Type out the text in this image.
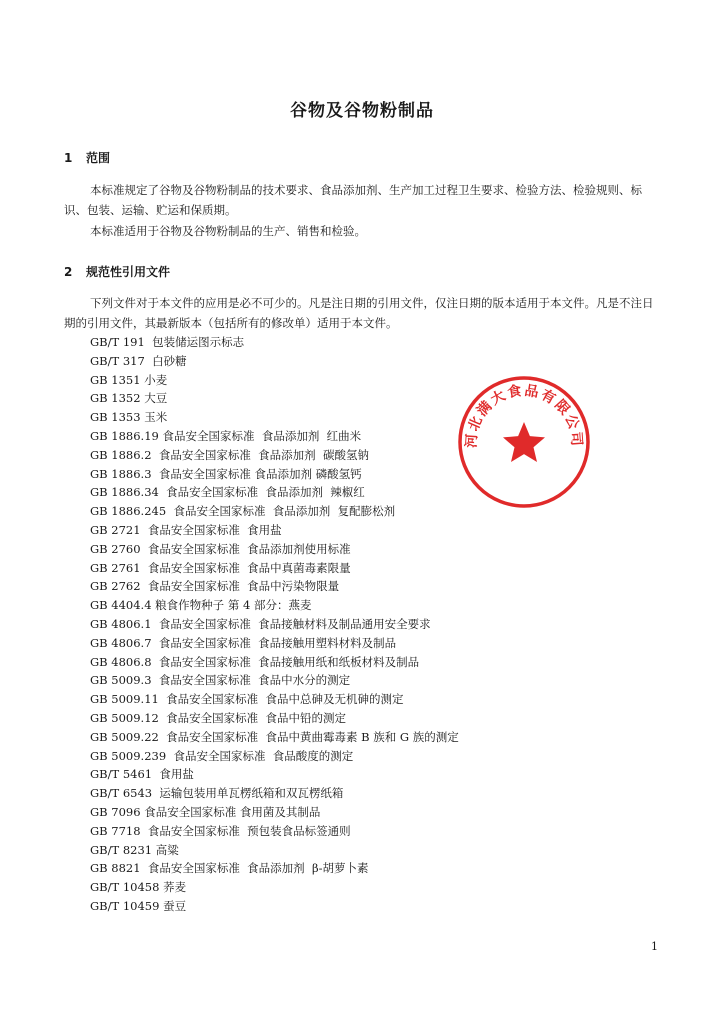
谷物及谷物粉制品
1 范围

本标准规定了谷物及谷物粉制品的技术要求、食品添加剂、生产加工过程卫生要求、检验方法、检验规则、标识、包装、运输、贮运和保质期。

本标准适用于谷物及谷物粉制品的生产、销售和检验。

2 规范性引用文件

下列文件对于本文件的应用是必不可少的。凡是注日期的引用文件，仅注日期的版本适用于本文件。凡是不注日期的引用文件，其最新版本（包括所有的修改单）适用于本文件。

GB/T 191  包装储运图示标志
GB/T 317  白砂糖
GB 1351 小麦
GB 1352 大豆
GB 1353 玉米
GB 1886.19 食品安全国家标准  食品添加剂  红曲米
GB 1886.2  食品安全国家标准  食品添加剂  碳酸氢钠
GB 1886.3  食品安全国家标准 食品添加剂 磷酸氢钙
GB 1886.34  食品安全国家标准  食品添加剂  辣椒红
GB 1886.245  食品安全国家标准  食品添加剂  复配膨松剂
GB 2721  食品安全国家标准  食用盐
GB 2760  食品安全国家标准  食品添加剂使用标准
GB 2761  食品安全国家标准  食品中真菌毒素限量
GB 2762  食品安全国家标准  食品中污染物限量
GB 4404.4 粮食作物种子 第 4 部分：燕麦
GB 4806.1  食品安全国家标准  食品接触材料及制品通用安全要求
GB 4806.7  食品安全国家标准  食品接触用塑料材料及制品
GB 4806.8  食品安全国家标准  食品接触用纸和纸板材料及制品
GB 5009.3  食品安全国家标准  食品中水分的测定
GB 5009.11  食品安全国家标准  食品中总砷及无机砷的测定
GB 5009.12  食品安全国家标准  食品中铅的测定
GB 5009.22  食品安全国家标准  食品中黄曲霉毒素 B 族和 G 族的测定
GB 5009.239  食品安全国家标准  食品酸度的测定
GB/T 5461  食用盐
GB/T 6543  运输包装用单瓦楞纸箱和双瓦楞纸箱
GB 7096 食品安全国家标准 食用菌及其制品
GB 7718  食品安全国家标准  预包装食品标签通则
GB/T 8231 高粱
GB 8821  食品安全国家标准  食品添加剂  β-胡萝卜素
GB/T 10458 荞麦
GB/T 10459 蚕豆
河北满大食品有限公司
1
